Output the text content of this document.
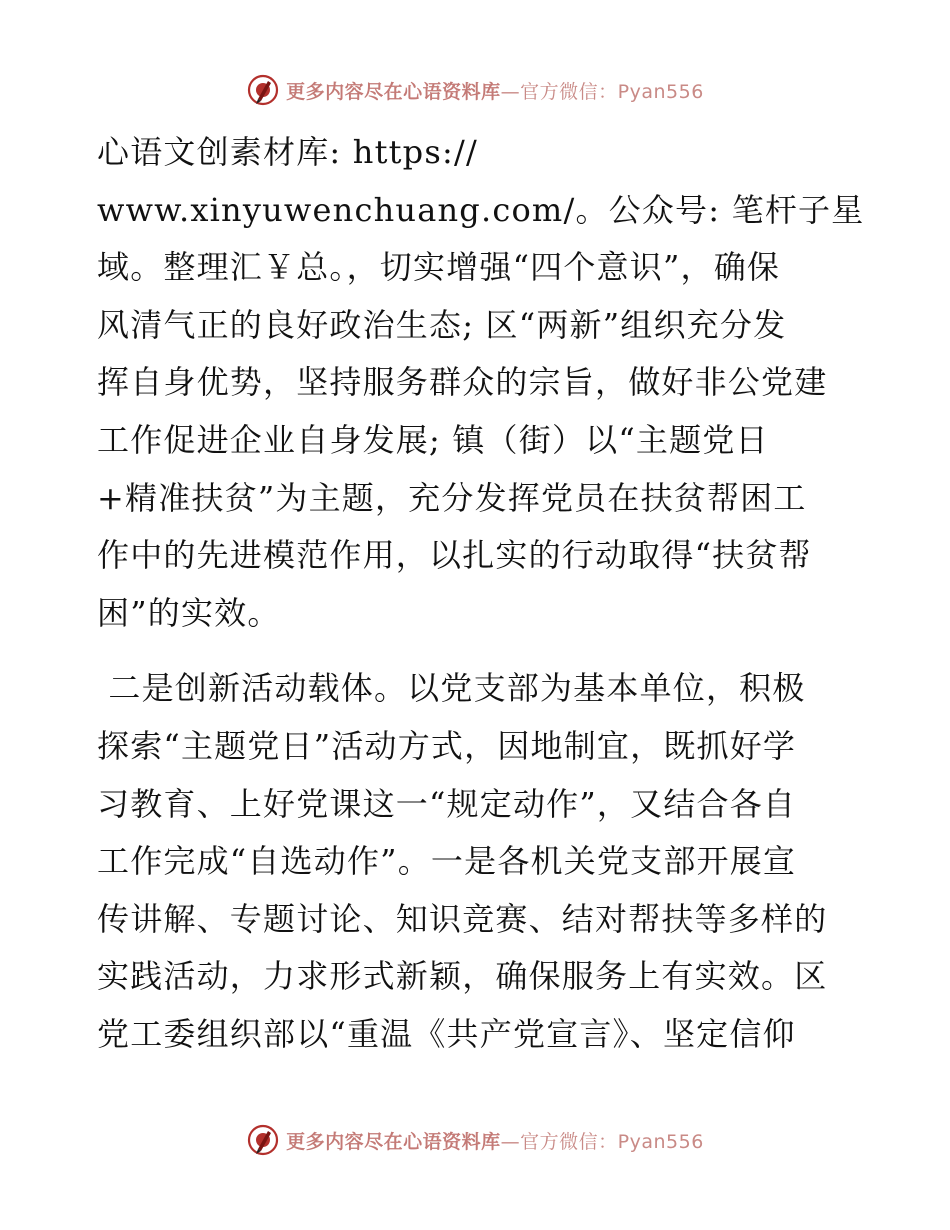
更多内容尽在心语资料库—官方微信：Pyan556

心语文创素材库: https://
www.xinyuwenchuang.com/。公众号: 笔杆子星
域。整理汇￥总。，切实增强“四个意识”，确保
风清气正的良好政治生态; 区“两新”组织充分发
挥自身优势，坚持服务群众的宗旨，做好非公党建
工作促进企业自身发展; 镇（街）以“主题党日
+精准扶贫”为主题，充分发挥党员在扶贫帮困工
作中的先进模范作用，以扎实的行动取得“扶贫帮
困”的实效。

二是创新活动载体。以党支部为基本单位，积极
探索“主题党日”活动方式，因地制宜，既抓好学
习教育、上好党课这一“规定动作”，又结合各自
工作完成“自选动作”。一是各机关党支部开展宣
传讲解、专题讨论、知识竞赛、结对帮扶等多样的
实践活动，力求形式新颖，确保服务上有实效。区
党工委组织部以“重温《共产党宣言》、坚定信仰

更多内容尽在心语资料库—官方微信：Pyan556
